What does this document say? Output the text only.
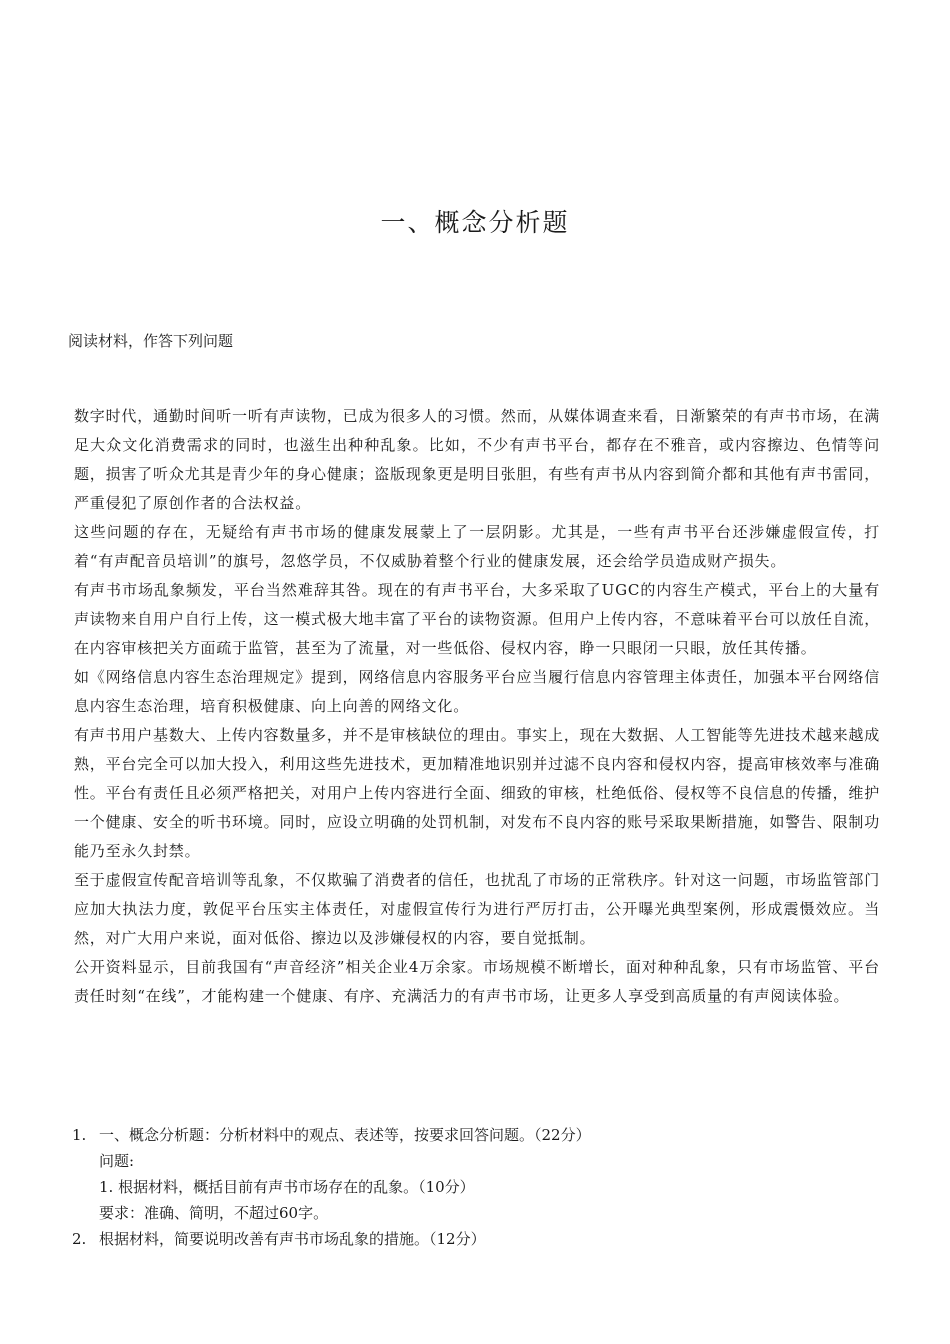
一、概念分析题
阅读材料，作答下列问题

数字时代，通勤时间听一听有声读物，已成为很多人的习惯。然而，从媒体调查来看，日渐繁荣的有声书市场，在满足大众文化消费需求的同时，也滋生出种种乱象。比如，不少有声书平台，都存在不雅音，或内容擦边、色情等问题，损害了听众尤其是青少年的身心健康；盗版现象更是明目张胆，有些有声书从内容到简介都和其他有声书雷同，严重侵犯了原创作者的合法权益。

这些问题的存在，无疑给有声书市场的健康发展蒙上了一层阴影。尤其是，一些有声书平台还涉嫌虚假宣传，打着“有声配音员培训”的旗号，忽悠学员，不仅威胁着整个行业的健康发展，还会给学员造成财产损失。

有声书市场乱象频发，平台当然难辞其咎。现在的有声书平台，大多采取了UGC的内容生产模式，平台上的大量有声读物来自用户自行上传，这一模式极大地丰富了平台的读物资源。但用户上传内容，不意味着平台可以放任自流，在内容审核把关方面疏于监管，甚至为了流量，对一些低俗、侵权内容，睁一只眼闭一只眼，放任其传播。

如《网络信息内容生态治理规定》提到，网络信息内容服务平台应当履行信息内容管理主体责任，加强本平台网络信息内容生态治理，培育积极健康、向上向善的网络文化。

有声书用户基数大、上传内容数量多，并不是审核缺位的理由。事实上，现在大数据、人工智能等先进技术越来越成熟，平台完全可以加大投入，利用这些先进技术，更加精准地识别并过滤不良内容和侵权内容，提高审核效率与准确性。平台有责任且必须严格把关，对用户上传内容进行全面、细致的审核，杜绝低俗、侵权等不良信息的传播，维护一个健康、安全的听书环境。同时，应设立明确的处罚机制，对发布不良内容的账号采取果断措施，如警告、限制功能乃至永久封禁。

至于虚假宣传配音培训等乱象，不仅欺骗了消费者的信任，也扰乱了市场的正常秩序。针对这一问题，市场监管部门应加大执法力度，敦促平台压实主体责任，对虚假宣传行为进行严厉打击，公开曝光典型案例，形成震慑效应。当然，对广大用户来说，面对低俗、擦边以及涉嫌侵权的内容，要自觉抵制。

公开资料显示，目前我国有“声音经济”相关企业4万余家。市场规模不断增长，面对种种乱象，只有市场监管、平台责任时刻“在线”，才能构建一个健康、有序、充满活力的有声书市场，让更多人享受到高质量的有声阅读体验。

1. 一、概念分析题：分析材料中的观点、表述等，按要求回答问题。（22分）
问题:
1. 根据材料，概括目前有声书市场存在的乱象。（10分）
要求：准确、简明，不超过60字。
2. 根据材料，简要说明改善有声书市场乱象的措施。（12分）
